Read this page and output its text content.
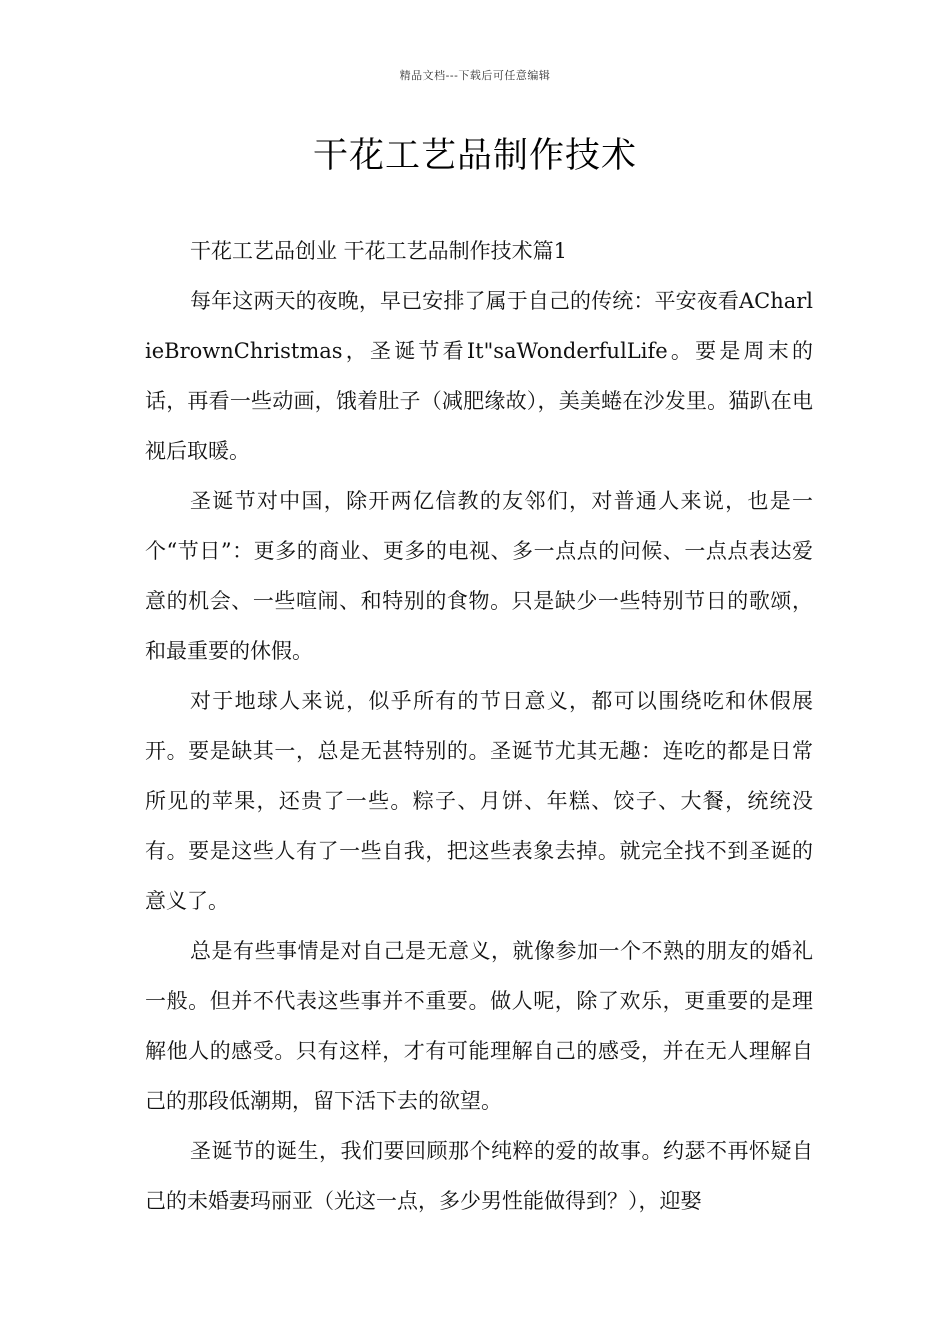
精品文档---下载后可任意编辑
干花工艺品制作技术

干花工艺品创业 干花工艺品制作技术篇1

每年这两天的夜晚，早已安排了属于自己的传统：平安夜看ACharlieBrownChristmas，圣诞节看It"saWonderfulLife。要是周末的话，再看一些动画，饿着肚子（减肥缘故），美美蜷在沙发里。猫趴在电视后取暖。

圣诞节对中国，除开两亿信教的友邻们，对普通人来说，也是一个“节日”：更多的商业、更多的电视、多一点点的问候、一点点表达爱意的机会、一些喧闹、和特别的食物。只是缺少一些特别节日的歌颂，和最重要的休假。

对于地球人来说，似乎所有的节日意义，都可以围绕吃和休假展开。要是缺其一，总是无甚特别的。圣诞节尤其无趣：连吃的都是日常所见的苹果，还贵了一些。粽子、月饼、年糕、饺子、大餐，统统没有。要是这些人有了一些自我，把这些表象去掉。就完全找不到圣诞的意义了。

总是有些事情是对自己是无意义，就像参加一个不熟的朋友的婚礼一般。但并不代表这些事并不重要。做人呢，除了欢乐，更重要的是理解他人的感受。只有这样，才有可能理解自己的感受，并在无人理解自己的那段低潮期，留下活下去的欲望。

圣诞节的诞生，我们要回顾那个纯粹的爱的故事。约瑟不再怀疑自己的未婚妻玛丽亚（光这一点，多少男性能做得到？），迎娶
